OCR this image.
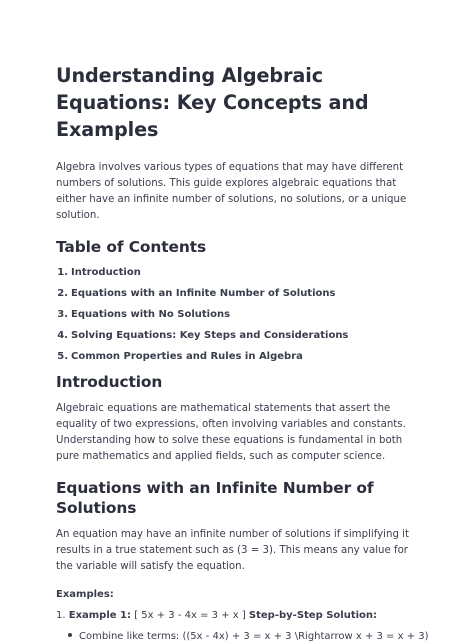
Understanding Algebraic Equations: Key Concepts and Examples

Algebra involves various types of equations that may have different numbers of solutions. This guide explores algebraic equations that either have an infinite number of solutions, no solutions, or a unique solution.

Table of Contents
1. Introduction
2. Equations with an Infinite Number of Solutions
3. Equations with No Solutions
4. Solving Equations: Key Steps and Considerations
5. Common Properties and Rules in Algebra
Introduction

Algebraic equations are mathematical statements that assert the equality of two expressions, often involving variables and constants. Understanding how to solve these equations is fundamental in both pure mathematics and applied fields, such as computer science.

Equations with an Infinite Number of Solutions

An equation may have an infinite number of solutions if simplifying it results in a true statement such as (3 = 3). This means any value for the variable will satisfy the equation.

Examples:
1. Example 1: [ 5x + 3 - 4x = 3 + x ] Step-by-Step Solution:
Combine like terms: ((5x - 4x) + 3 = x + 3 \Rightarrow x + 3 = x + 3)
